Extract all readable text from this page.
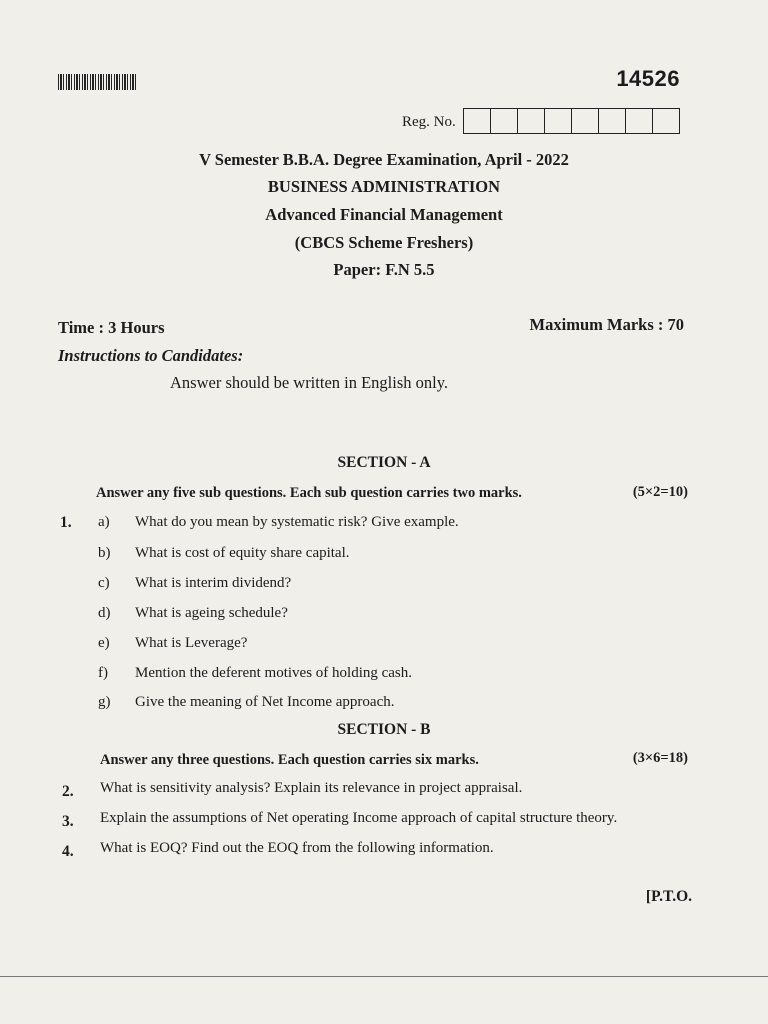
14526
Reg. No.
V Semester B.B.A. Degree Examination, April - 2022
BUSINESS ADMINISTRATION
Advanced Financial Management
(CBCS Scheme Freshers)
Paper: F.N 5.5
Time : 3 Hours	Maximum Marks : 70
Instructions to Candidates:
Answer should be written in English only.
SECTION - A
Answer any five sub questions. Each sub question carries two marks.	(5×2=10)
1. a) What do you mean by systematic risk? Give example.
b) What is cost of equity share capital.
c) What is interim dividend?
d) What is ageing schedule?
e) What is Leverage?
f) Mention the deferent motives of holding cash.
g) Give the meaning of Net Income approach.
SECTION - B
Answer any three questions. Each question carries six marks.	(3×6=18)
2. What is sensitivity analysis? Explain its relevance in project appraisal.
3. Explain the assumptions of Net operating Income approach of capital structure theory.
4. What is EOQ? Find out the EOQ from the following information.
[P.T.O.
